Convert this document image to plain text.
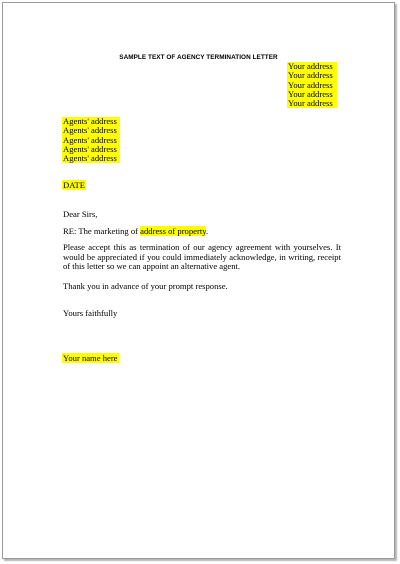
SAMPLE TEXT OF AGENCY TERMINATION LETTER
Your address
Your address
Your address
Your address
Your address
Agents' address
Agents' address
Agents' address
Agents' address
Agents' address
DATE
Dear Sirs,
RE: The marketing of address of property.
Please accept this as termination of our agency agreement with yourselves. It would be appreciated if you could immediately acknowledge, in writing, receipt of this letter so we can appoint an alternative agent.
Thank you in advance of your prompt response.
Yours faithfully
Your name here
